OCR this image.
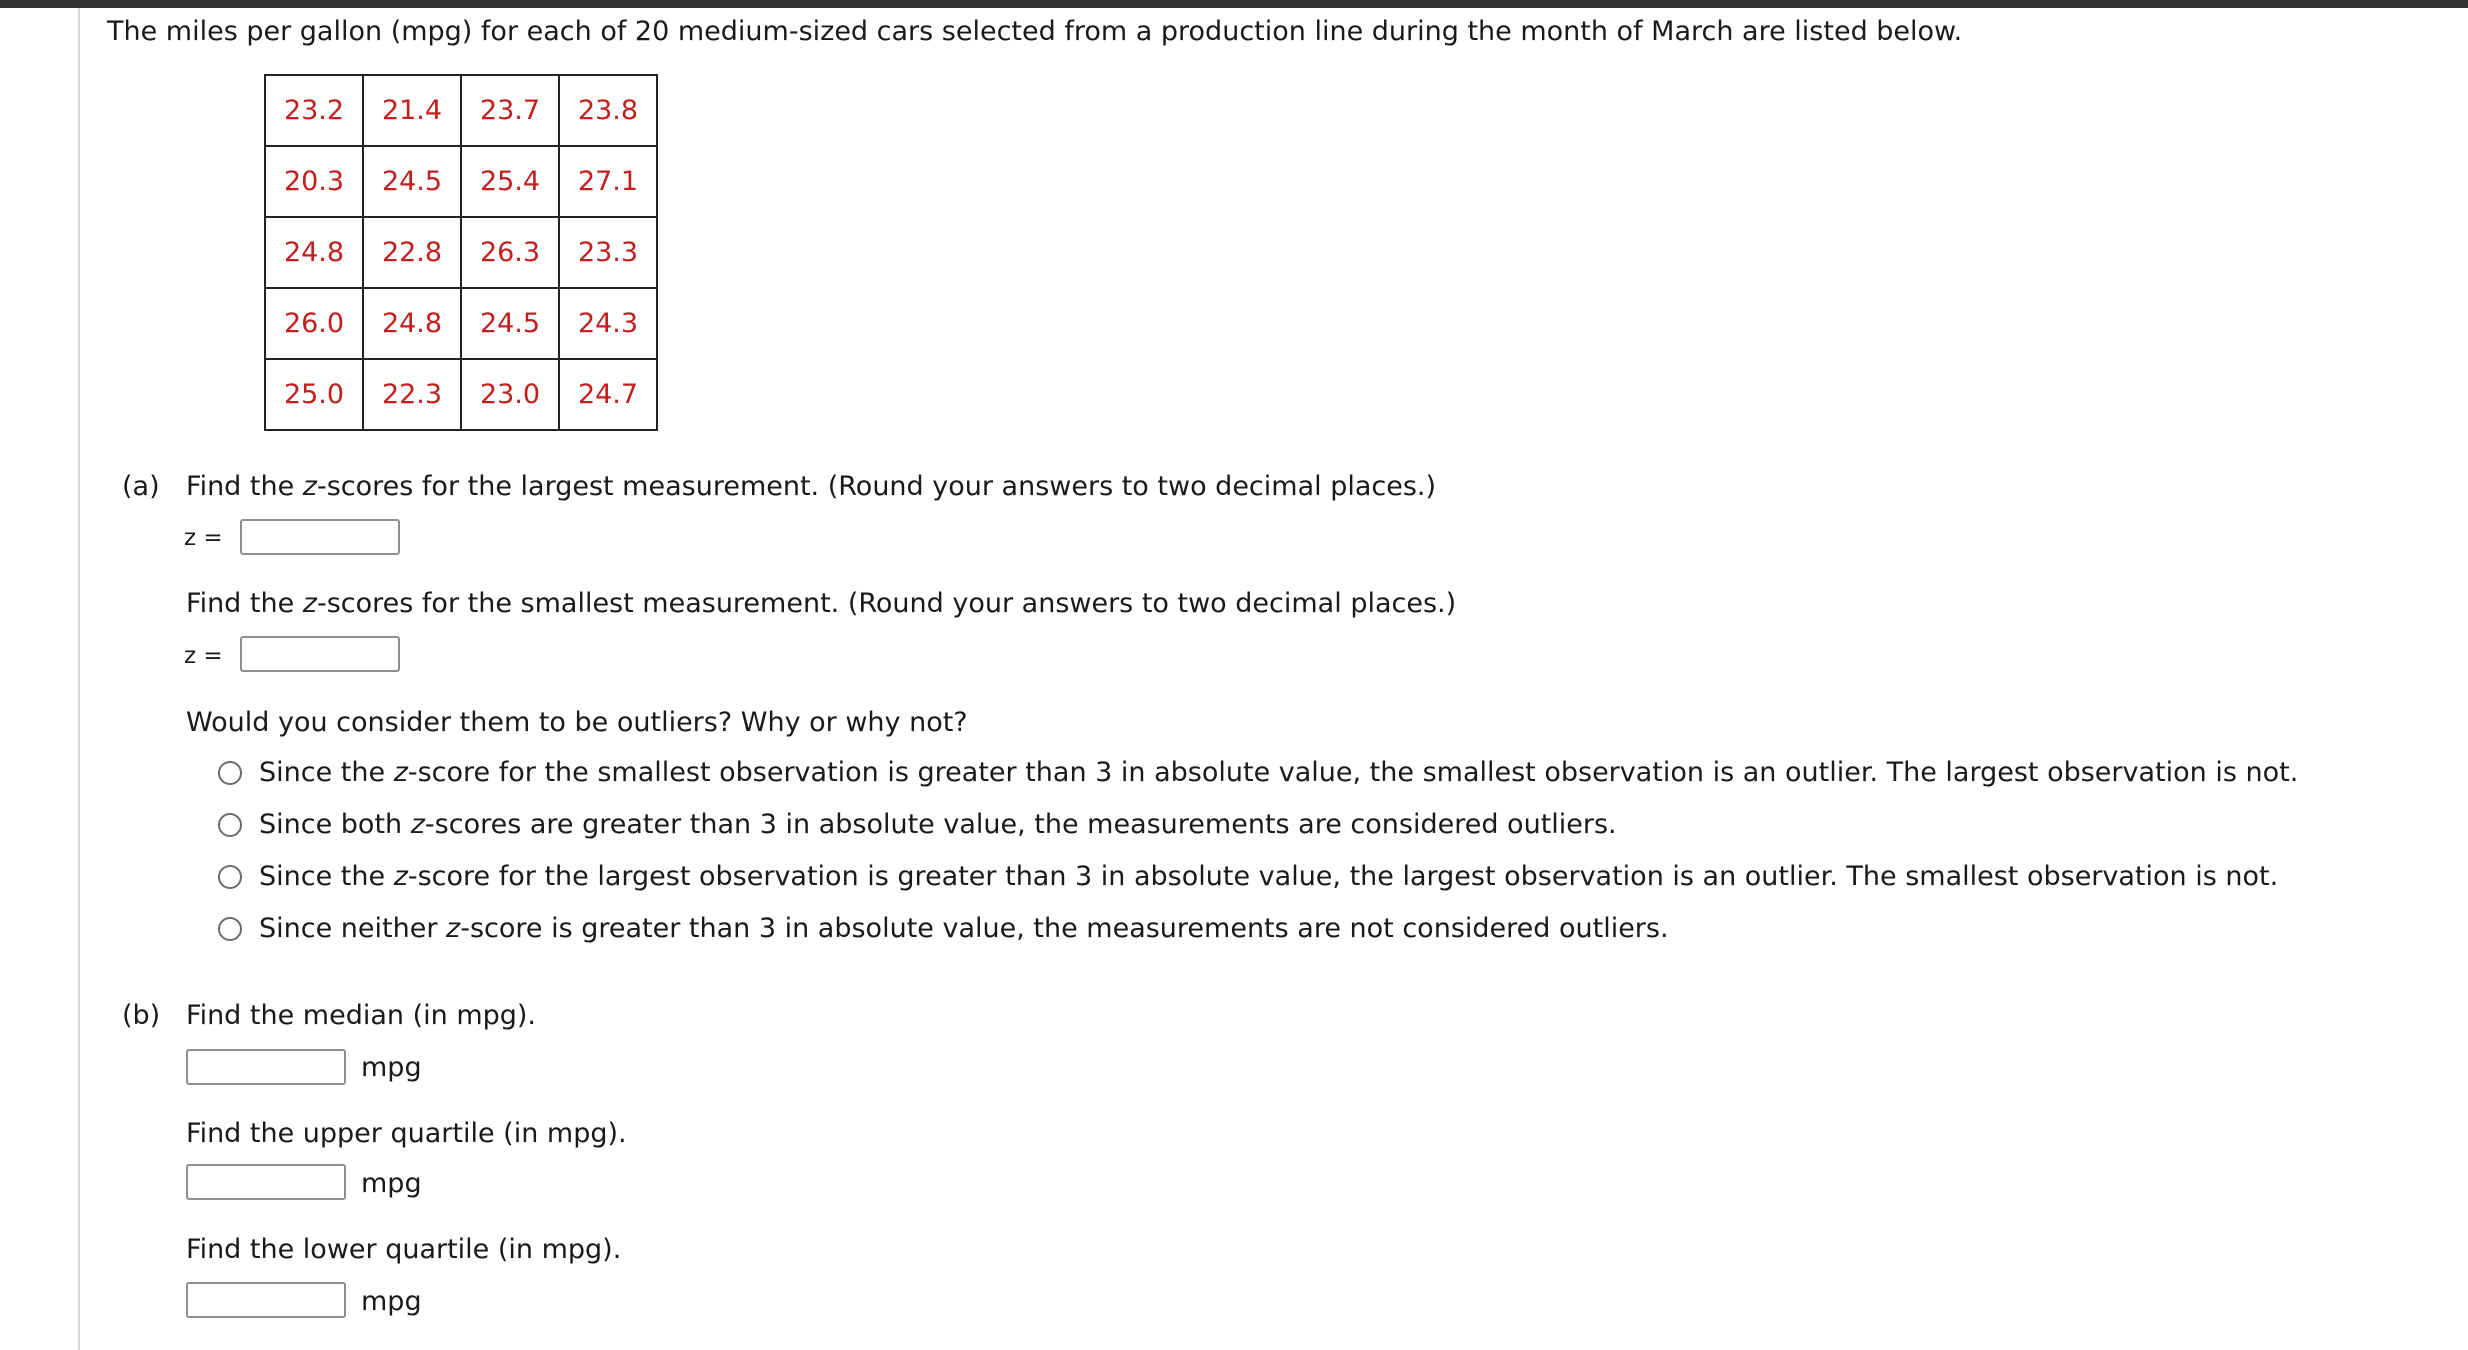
The miles per gallon (mpg) for each of 20 medium-sized cars selected from a production line during the month of March are listed below.
23.2	21.4	23.7	23.8
20.3	24.5	25.4	27.1
24.8	22.8	26.3	23.3
26.0	24.8	24.5	24.3
25.0	22.3	23.0	24.7
(a) Find the z-scores for the largest measurement. (Round your answers to two decimal places.)
z =
Find the z-scores for the smallest measurement. (Round your answers to two decimal places.)
z =
Would you consider them to be outliers? Why or why not?
Since the z-score for the smallest observation is greater than 3 in absolute value, the smallest observation is an outlier. The largest observation is not.
Since both z-scores are greater than 3 in absolute value, the measurements are considered outliers.
Since the z-score for the largest observation is greater than 3 in absolute value, the largest observation is an outlier. The smallest observation is not.
Since neither z-score is greater than 3 in absolute value, the measurements are not considered outliers.
(b) Find the median (in mpg).
mpg
Find the upper quartile (in mpg).
mpg
Find the lower quartile (in mpg).
mpg
